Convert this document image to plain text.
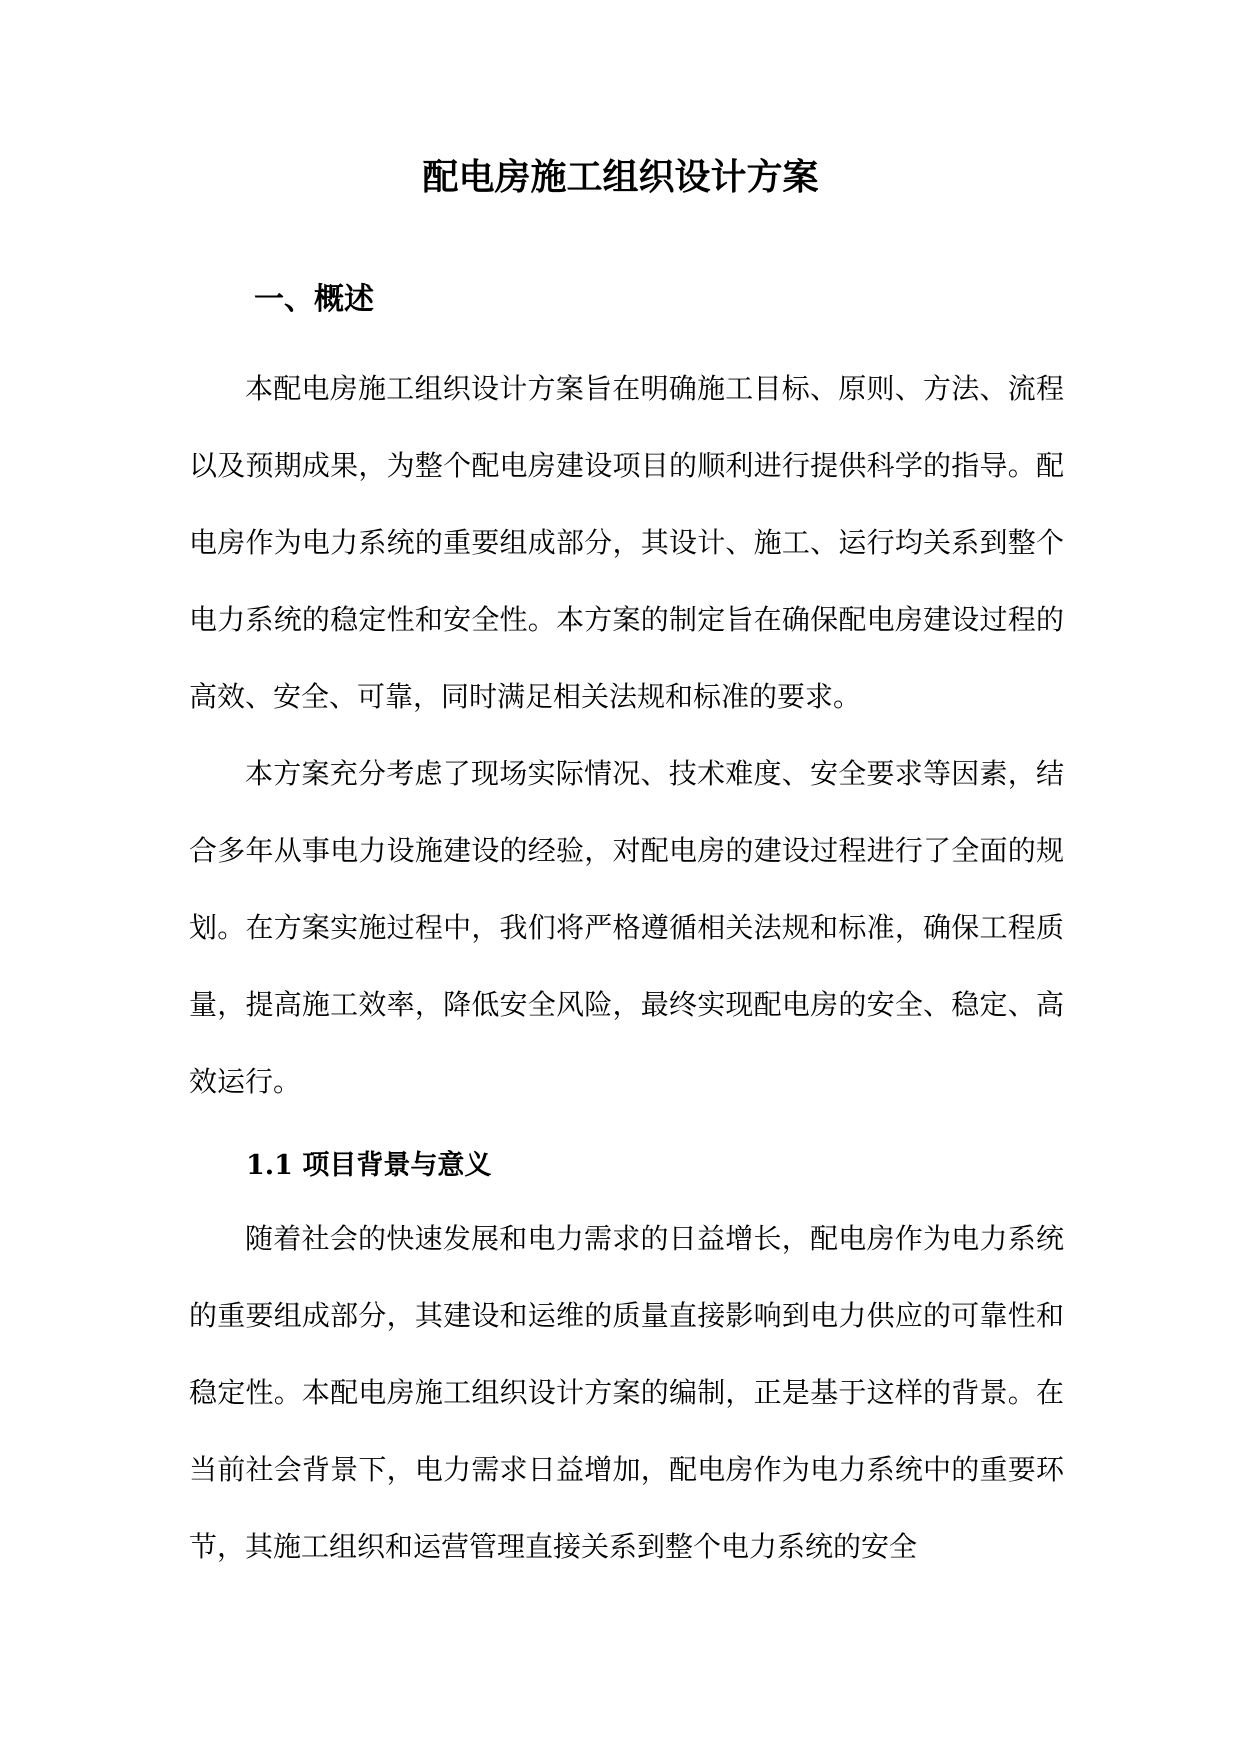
配电房施工组织设计方案
一、概述

本配电房施工组织设计方案旨在明确施工目标、原则、方法、流程以及预期成果，为整个配电房建设项目的顺利进行提供科学的指导。配电房作为电力系统的重要组成部分，其设计、施工、运行均关系到整个电力系统的稳定性和安全性。本方案的制定旨在确保配电房建设过程的高效、安全、可靠，同时满足相关法规和标准的要求。

本方案充分考虑了现场实际情况、技术难度、安全要求等因素，结合多年从事电力设施建设的经验，对配电房的建设过程进行了全面的规划。在方案实施过程中，我们将严格遵循相关法规和标准，确保工程质量，提高施工效率，降低安全风险，最终实现配电房的安全、稳定、高效运行。

1.1 项目背景与意义

随着社会的快速发展和电力需求的日益增长，配电房作为电力系统的重要组成部分，其建设和运维的质量直接影响到电力供应的可靠性和稳定性。本配电房施工组织设计方案的编制，正是基于这样的背景。在当前社会背景下，电力需求日益增加，配电房作为电力系统中的重要环节，其施工组织和运营管理直接关系到整个电力系统的安全
